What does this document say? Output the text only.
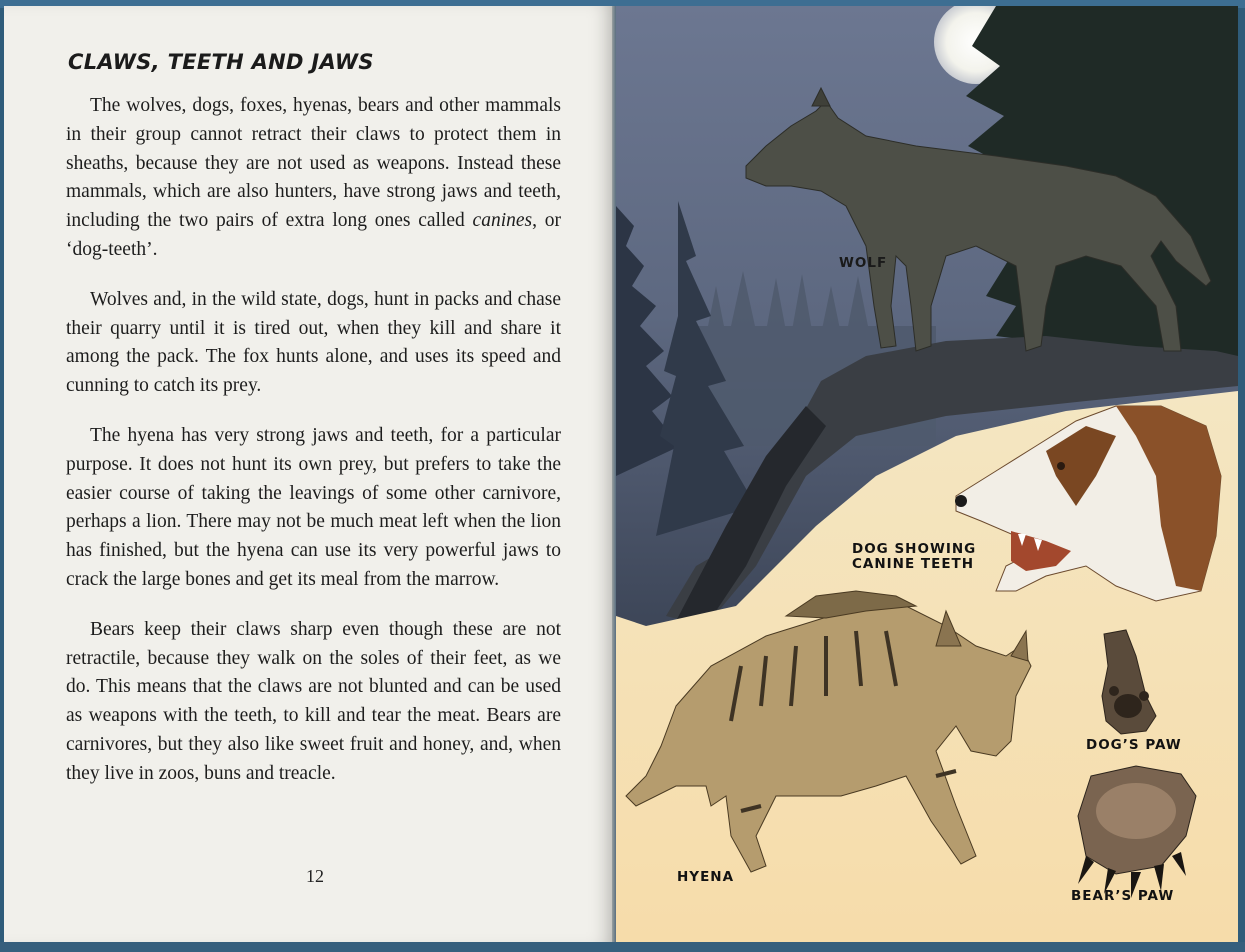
CLAWS, TEETH AND JAWS

The wolves, dogs, foxes, hyenas, bears and other mammals in their group cannot retract their claws to protect them in sheaths, because they are not used as weapons. Instead these mammals, which are also hunters, have strong jaws and teeth, including the two pairs of extra long ones called canines, or ‘dog-teeth’.

Wolves and, in the wild state, dogs, hunt in packs and chase their quarry until it is tired out, when they kill and share it among the pack. The fox hunts alone, and uses its speed and cunning to catch its prey.

The hyena has very strong jaws and teeth, for a particular purpose. It does not hunt its own prey, but prefers to take the easier course of taking the leavings of some other carnivore, perhaps a lion. There may not be much meat left when the lion has finished, but the hyena can use its very powerful jaws to crack the large bones and get its meal from the marrow.

Bears keep their claws sharp even though these are not retractile, because they walk on the soles of their feet, as we do. This means that the claws are not blunted and can be used as weapons with the teeth, to kill and tear the meat. Bears are carnivores, but they also like sweet fruit and honey, and, when they live in zoos, buns and treacle.

12
WOLF
DOG SHOWING
CANINE TEETH
DOG’S PAW
HYENA
BEAR’S PAW
